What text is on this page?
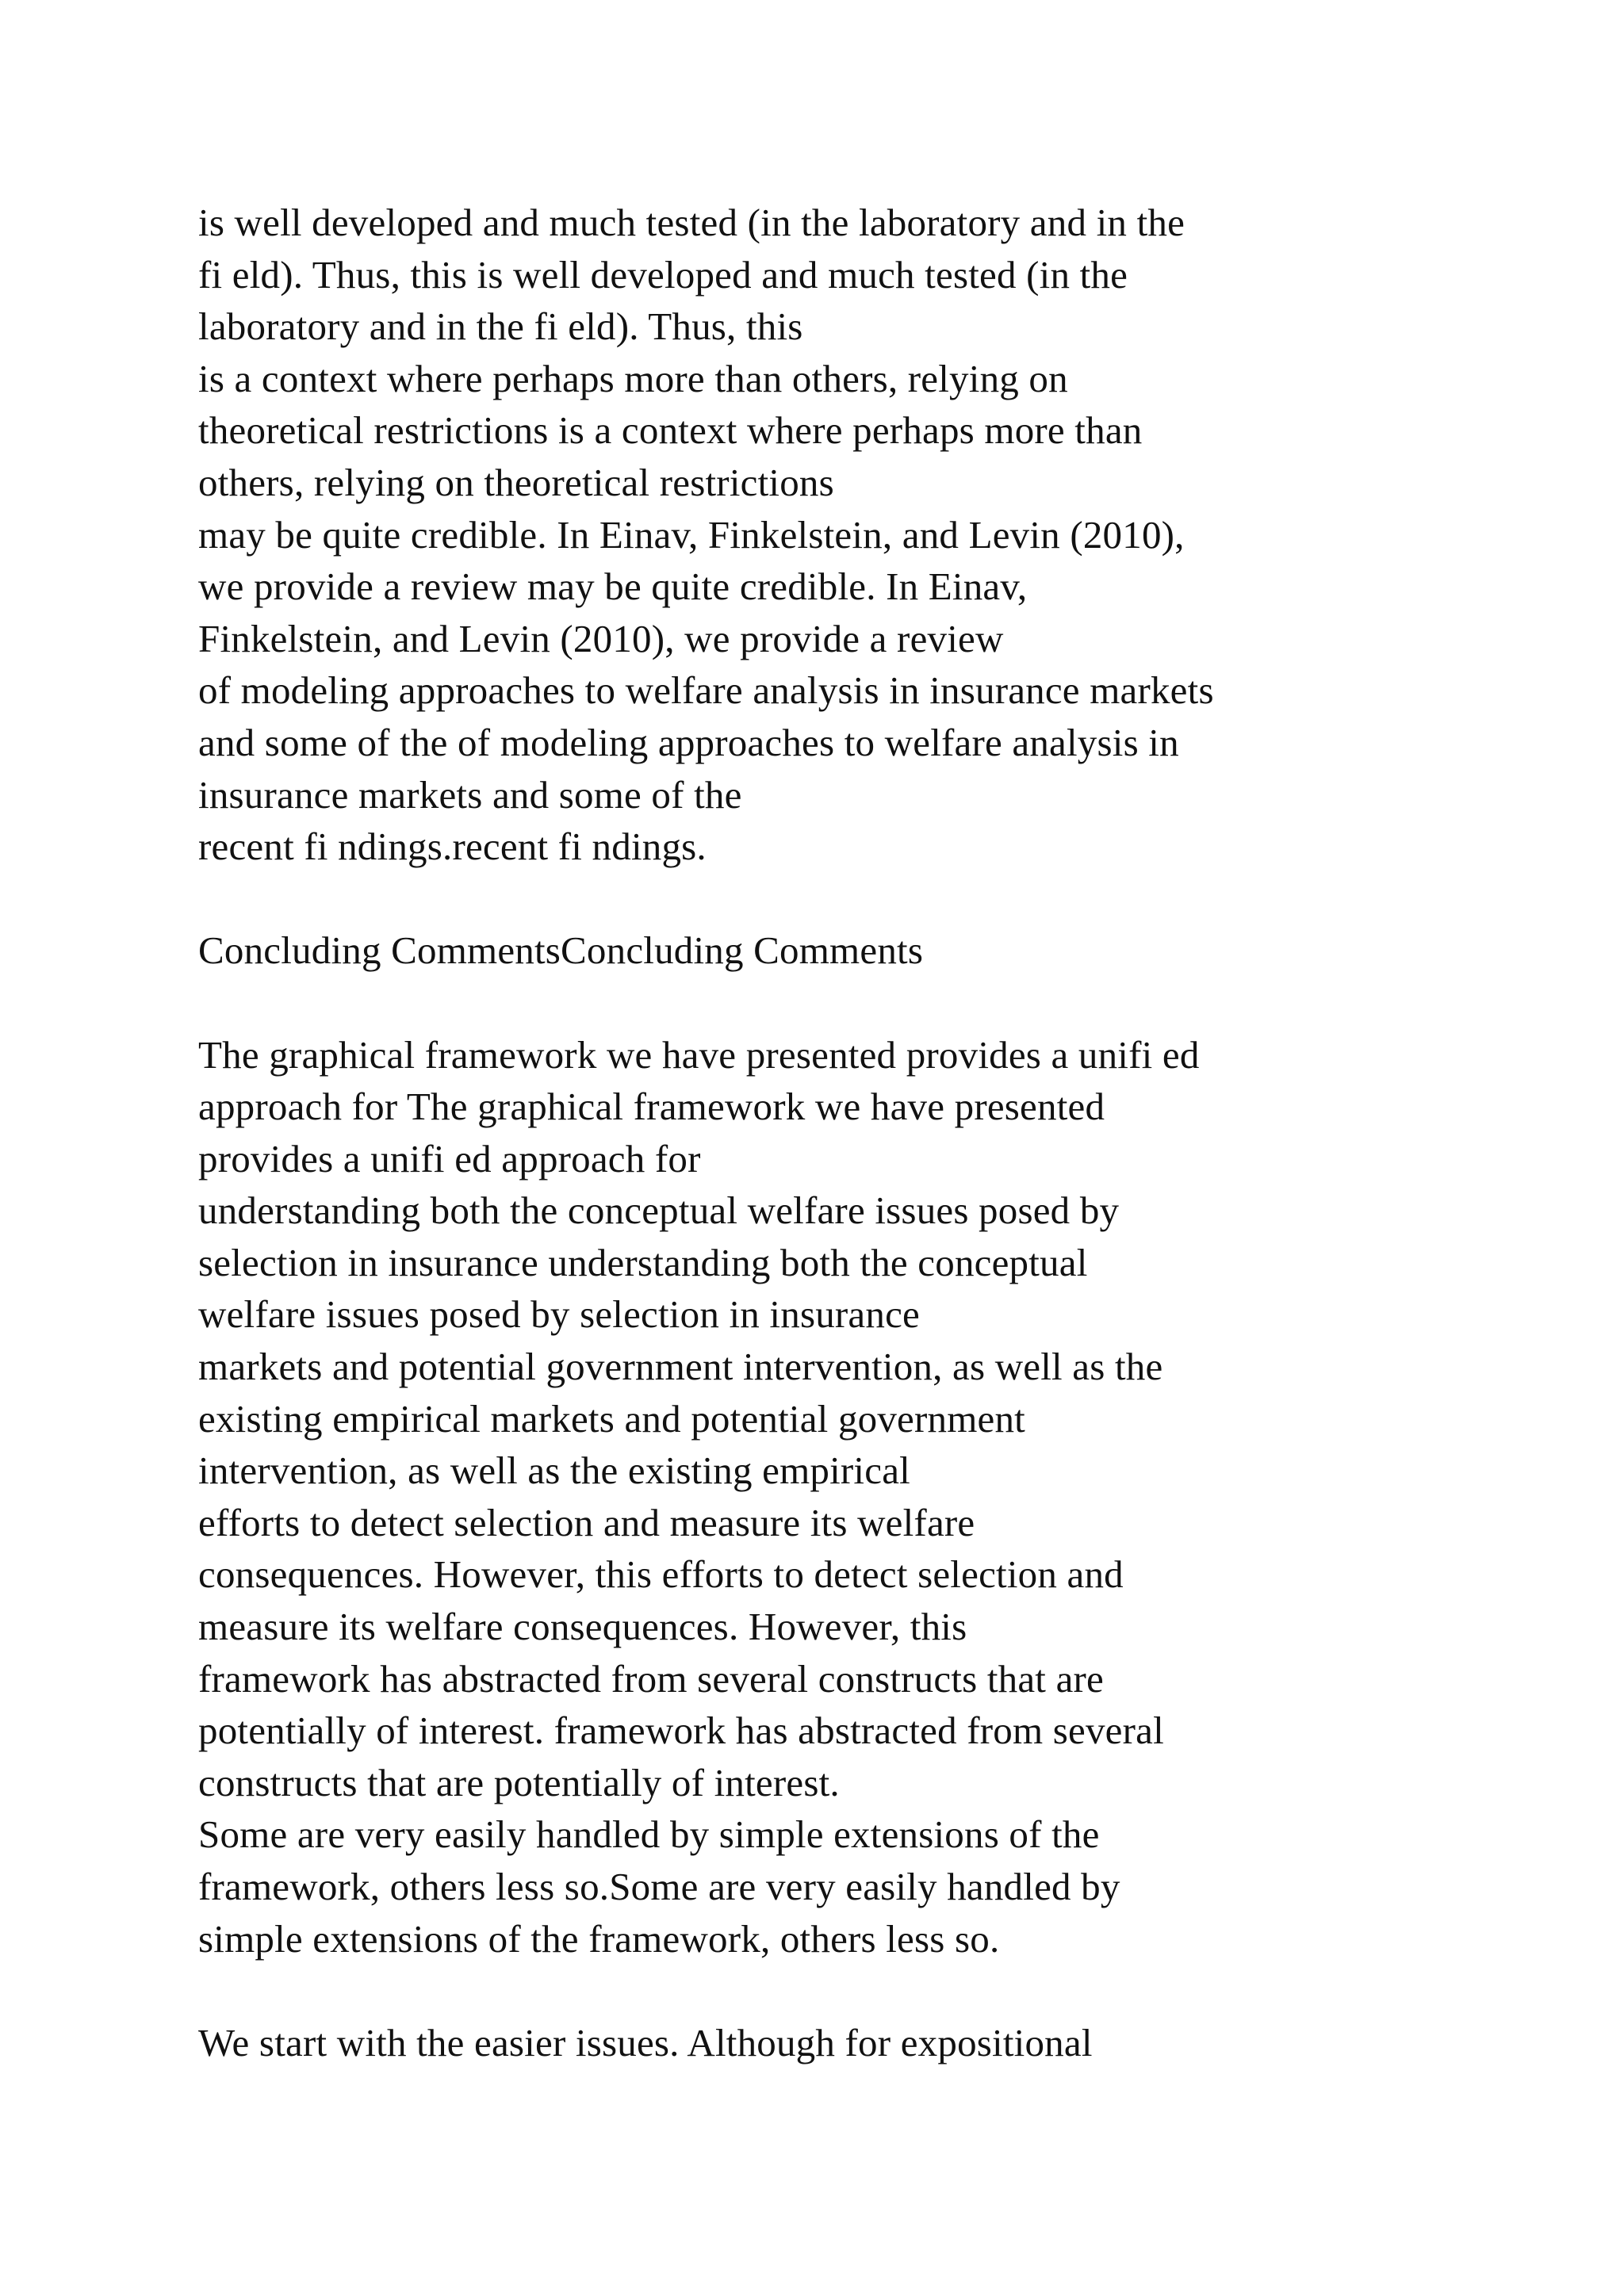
is well developed and much tested (in the laboratory and in the
fi eld). Thus, this is well developed and much tested (in the
laboratory and in the fi eld). Thus, this
is a context where perhaps more than others, relying on
theoretical restrictions is a context where perhaps more than
others, relying on theoretical restrictions
may be quite credible. In Einav, Finkelstein, and Levin (2010),
we provide a review may be quite credible. In Einav,
Finkelstein, and Levin (2010), we provide a review
of modeling approaches to welfare analysis in insurance markets
and some of the of modeling approaches to welfare analysis in
insurance markets and some of the
recent fi ndings.recent fi ndings.
Concluding CommentsConcluding Comments
The graphical framework we have presented provides a unifi ed
approach for The graphical framework we have presented
provides a unifi ed approach for
understanding both the conceptual welfare issues posed by
selection in insurance understanding both the conceptual
welfare issues posed by selection in insurance
markets and potential government intervention, as well as the
existing empirical markets and potential government
intervention, as well as the existing empirical
efforts to detect selection and measure its welfare
consequences. However, this efforts to detect selection and
measure its welfare consequences. However, this
framework has abstracted from several constructs that are
potentially of interest. framework has abstracted from several
constructs that are potentially of interest.
Some are very easily handled by simple extensions of the
framework, others less so.Some are very easily handled by
simple extensions of the framework, others less so.
We start with the easier issues. Although for expositional
